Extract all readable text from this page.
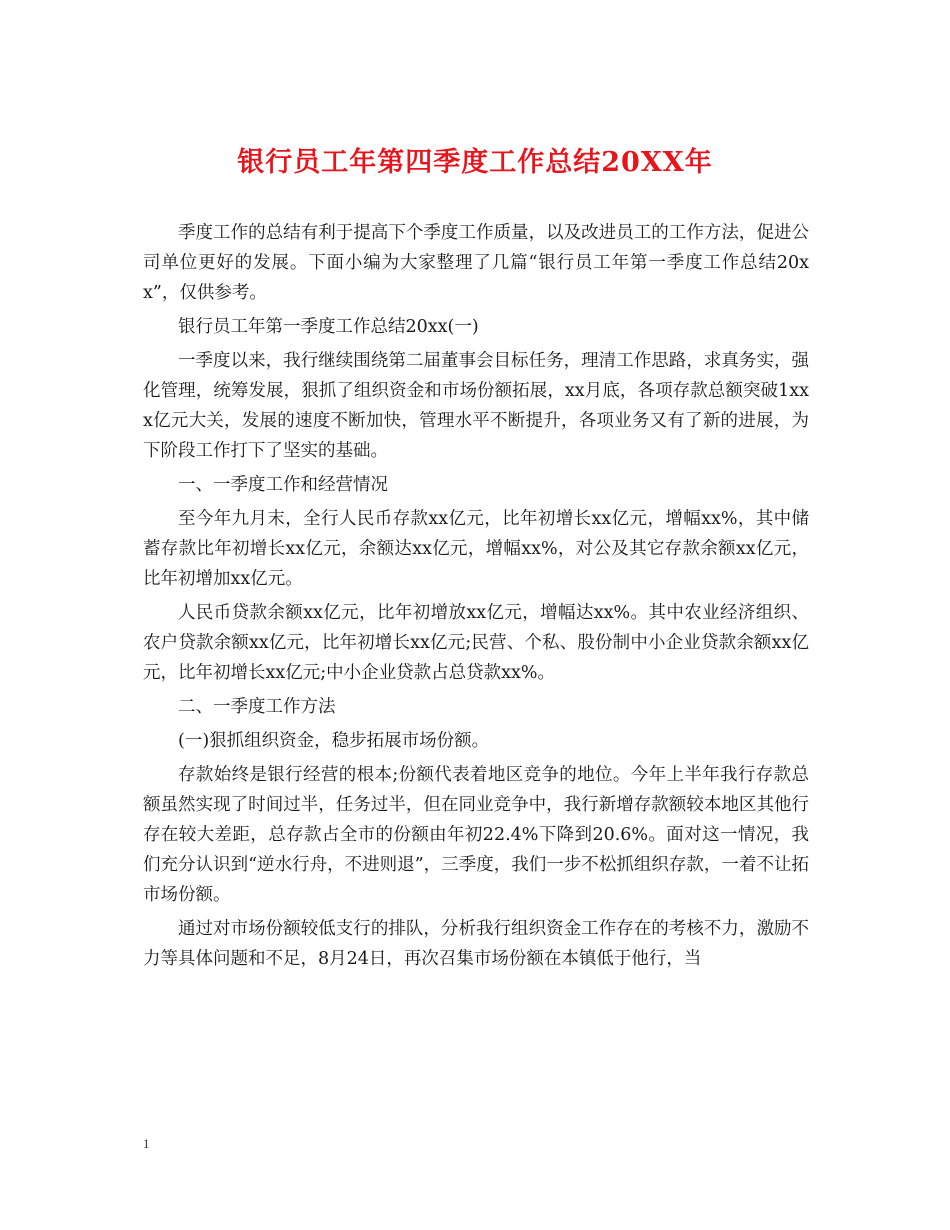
银行员工年第四季度工作总结20XX年

季度工作的总结有利于提高下个季度工作质量，以及改进员工的工作方法，促进公司单位更好的发展。下面小编为大家整理了几篇“银行员工年第一季度工作总结20xx”，仅供参考。

银行员工年第一季度工作总结20xx(一)

一季度以来，我行继续围绕第二届董事会目标任务，理清工作思路，求真务实，强化管理，统筹发展，狠抓了组织资金和市场份额拓展，xx月底，各项存款总额突破1xxx亿元大关，发展的速度不断加快，管理水平不断提升，各项业务又有了新的进展，为下阶段工作打下了坚实的基础。

一、一季度工作和经营情况

至今年九月末，全行人民币存款xx亿元，比年初增长xx亿元，增幅xx%，其中储蓄存款比年初增长xx亿元，余额达xx亿元，增幅xx%，对公及其它存款余额xx亿元，比年初增加xx亿元。

人民币贷款余额xx亿元，比年初增放xx亿元，增幅达xx%。其中农业经济组织、农户贷款余额xx亿元，比年初增长xx亿元;民营、个私、股份制中小企业贷款余额xx亿元，比年初增长xx亿元;中小企业贷款占总贷款xx%。

二、一季度工作方法

(一)狠抓组织资金，稳步拓展市场份额。

存款始终是银行经营的根本;份额代表着地区竞争的地位。今年上半年我行存款总额虽然实现了时间过半，任务过半，但在同业竞争中，我行新增存款额较本地区其他行存在较大差距，总存款占全市的份额由年初22.4%下降到20.6%。面对这一情况，我们充分认识到“逆水行舟，不进则退”，三季度，我们一步不松抓组织存款，一着不让拓市场份额。

通过对市场份额较低支行的排队，分析我行组织资金工作存在的考核不力，激励不力等具体问题和不足，8月24日，再次召集市场份额在本镇低于他行，当

1
